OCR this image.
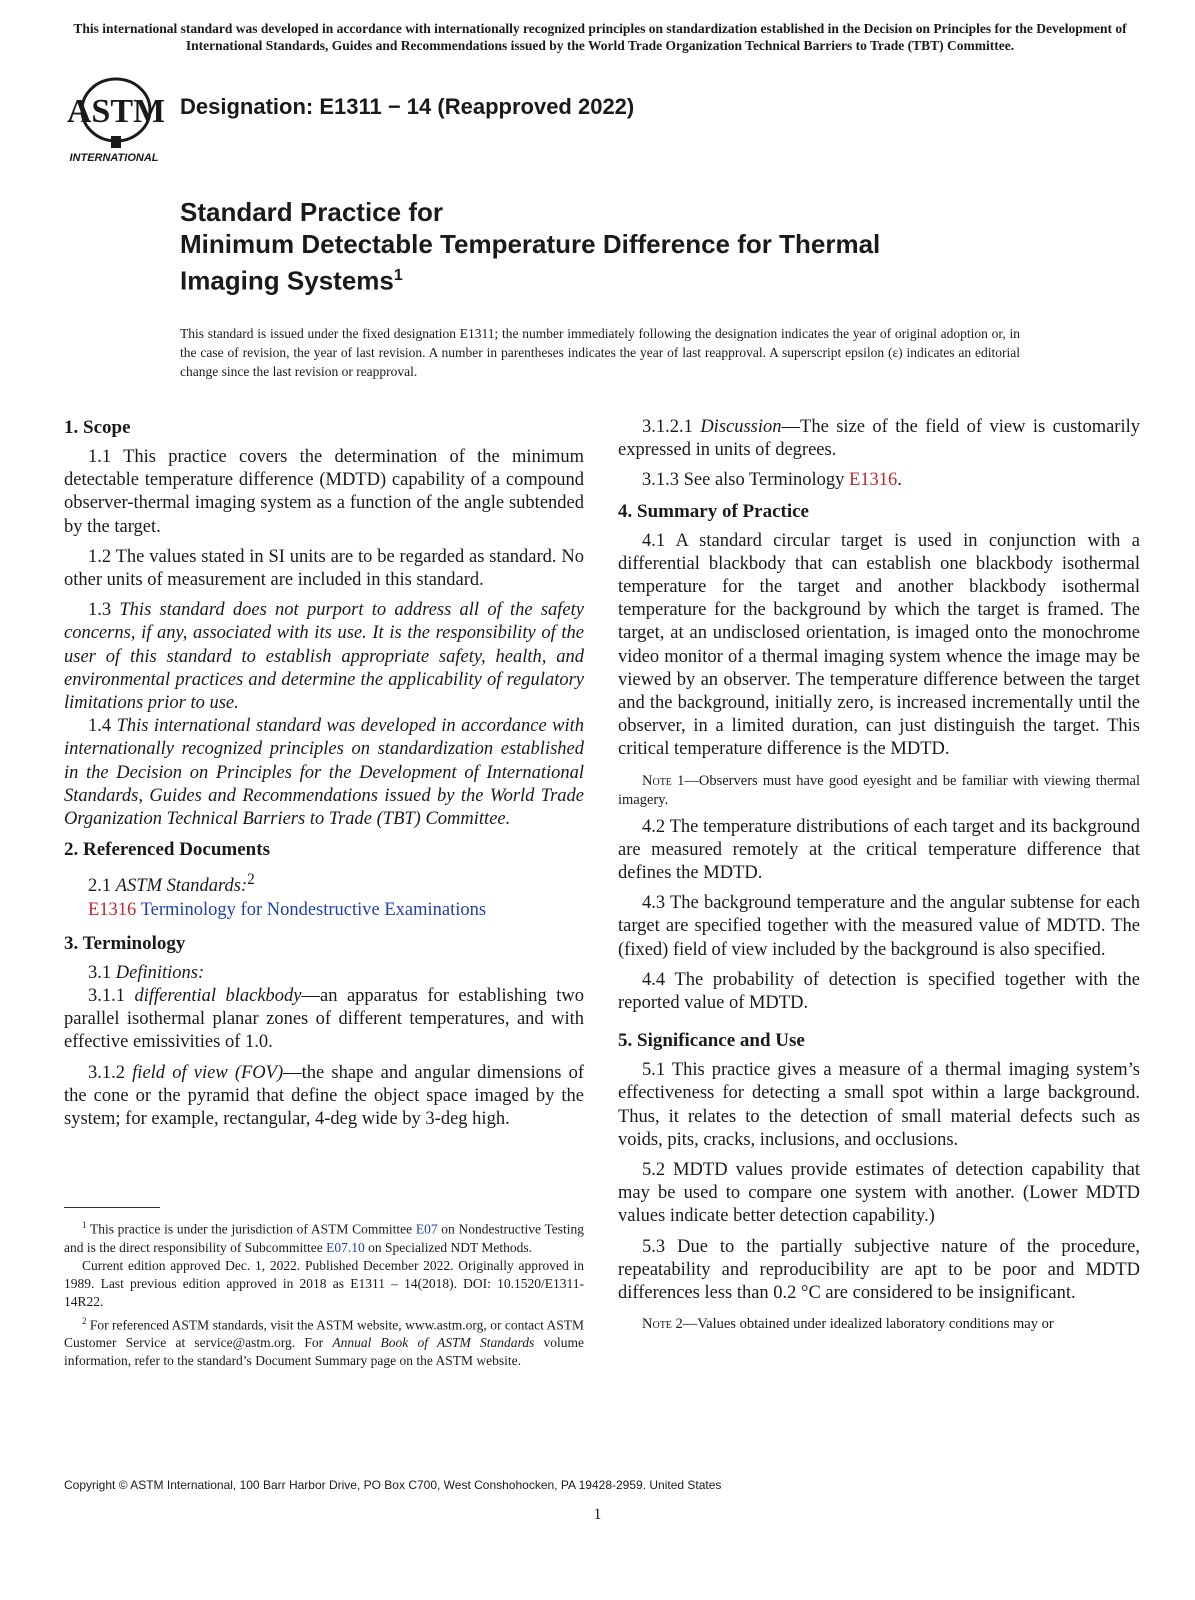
This international standard was developed in accordance with internationally recognized principles on standardization established in the Decision on Principles for the Development of International Standards, Guides and Recommendations issued by the World Trade Organization Technical Barriers to Trade (TBT) Committee.
ASTM
INTERNATIONAL
Designation: E1311 − 14 (Reapproved 2022)
Standard Practice for
Minimum Detectable Temperature Difference for Thermal
Imaging Systems$^1$
This standard is issued under the fixed designation E1311; the number immediately following the designation indicates the year of original adoption or, in the case of revision, the year of last revision. A number in parentheses indicates the year of last reapproval. A superscript epsilon (ε) indicates an editorial change since the last revision or reapproval.
1. Scope

1.1 This practice covers the determination of the minimum detectable temperature difference (MDTD) capability of a compound observer-thermal imaging system as a function of the angle subtended by the target.

1.2 The values stated in SI units are to be regarded as standard. No other units of measurement are included in this standard.

1.3 This standard does not purport to address all of the safety concerns, if any, associated with its use. It is the responsibility of the user of this standard to establish appropriate safety, health, and environmental practices and determine the applicability of regulatory limitations prior to use.

1.4 This international standard was developed in accordance with internationally recognized principles on standardization established in the Decision on Principles for the Development of International Standards, Guides and Recommendations issued by the World Trade Organization Technical Barriers to Trade (TBT) Committee.

2. Referenced Documents

2.1 ASTM Standards:$^2$

E1316 Terminology for Nondestructive Examinations
3. Terminology

3.1 Definitions:

3.1.1 differential blackbody—an apparatus for establishing two parallel isothermal planar zones of different temperatures, and with effective emissivities of 1.0.

3.1.2 field of view (FOV)—the shape and angular dimensions of the cone or the pyramid that define the object space imaged by the system; for example, rectangular, 4-deg wide by 3-deg high.

$^1$ This practice is under the jurisdiction of ASTM Committee E07 on Nondestructive Testing and is the direct responsibility of Subcommittee E07.10 on Specialized NDT Methods.

Current edition approved Dec. 1, 2022. Published December 2022. Originally approved in 1989. Last previous edition approved in 2018 as E1311 – 14(2018). DOI: 10.1520/E1311-14R22.

$^2$ For referenced ASTM standards, visit the ASTM website, www.astm.org, or contact ASTM Customer Service at service@astm.org. For Annual Book of ASTM Standards volume information, refer to the standard’s Document Summary page on the ASTM website.

3.1.2.1 Discussion—The size of the field of view is customarily expressed in units of degrees.

3.1.3 See also Terminology E1316.

4. Summary of Practice

4.1 A standard circular target is used in conjunction with a differential blackbody that can establish one blackbody isothermal temperature for the target and another blackbody isothermal temperature for the background by which the target is framed. The target, at an undisclosed orientation, is imaged onto the monochrome video monitor of a thermal imaging system whence the image may be viewed by an observer. The temperature difference between the target and the background, initially zero, is increased incrementally until the observer, in a limited duration, can just distinguish the target. This critical temperature difference is the MDTD.

Note 1—Observers must have good eyesight and be familiar with viewing thermal imagery.

4.2 The temperature distributions of each target and its background are measured remotely at the critical temperature difference that defines the MDTD.

4.3 The background temperature and the angular subtense for each target are specified together with the measured value of MDTD. The (fixed) field of view included by the background is also specified.

4.4 The probability of detection is specified together with the reported value of MDTD.

5. Significance and Use

5.1 This practice gives a measure of a thermal imaging system’s effectiveness for detecting a small spot within a large background. Thus, it relates to the detection of small material defects such as voids, pits, cracks, inclusions, and occlusions.

5.2 MDTD values provide estimates of detection capability that may be used to compare one system with another. (Lower MDTD values indicate better detection capability.)

5.3 Due to the partially subjective nature of the procedure, repeatability and reproducibility are apt to be poor and MDTD differences less than 0.2 °C are considered to be insignificant.

Note 2—Values obtained under idealized laboratory conditions may or

Copyright © ASTM International, 100 Barr Harbor Drive, PO Box C700, West Conshohocken, PA 19428-2959. United States
1
